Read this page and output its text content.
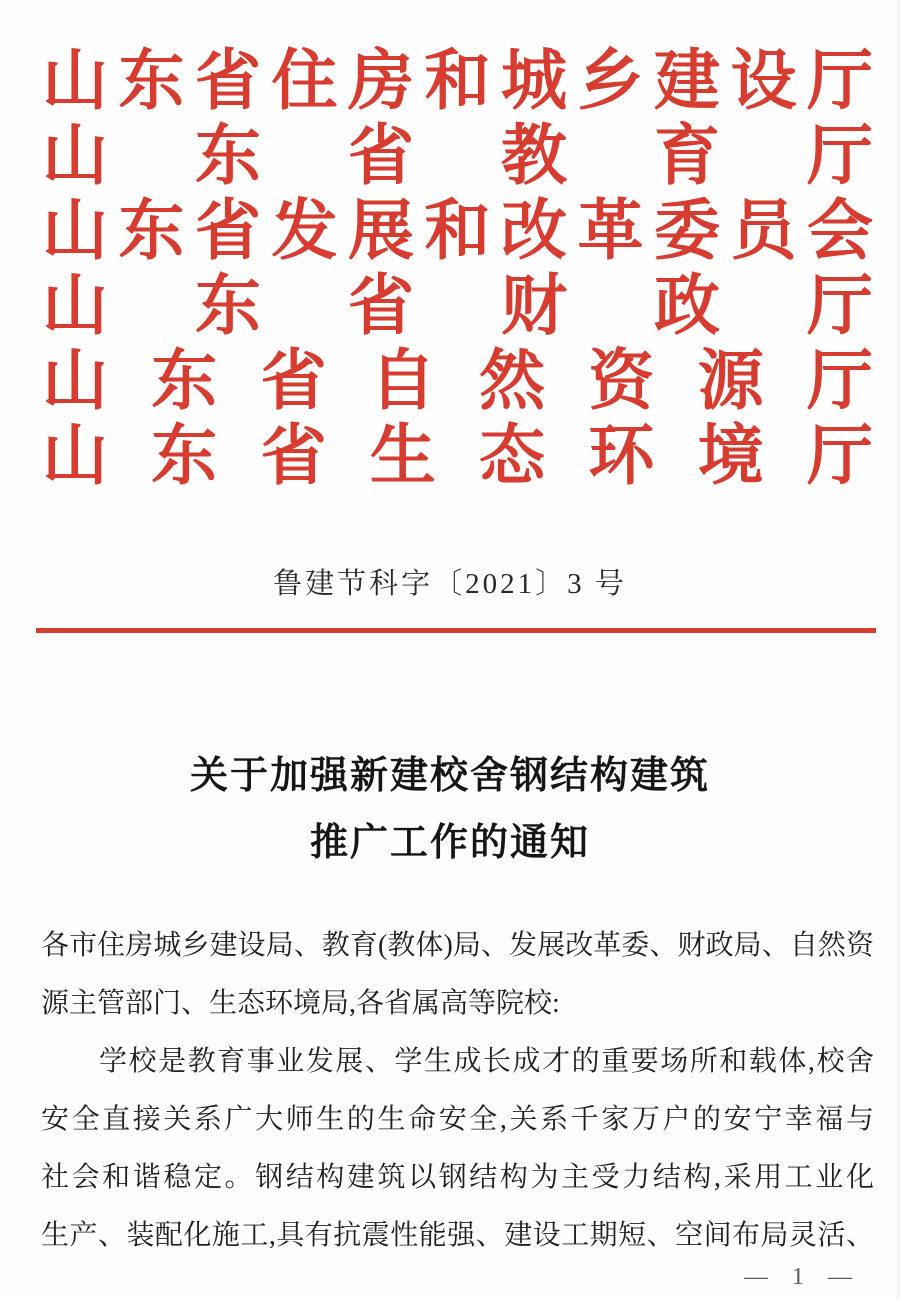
山 东 省 住 房 和 城 乡 建 设 厅
山 东 省 教 育 厅
山 东 省 发 展 和 改 革 委 员 会
山 东 省 财 政 厅
山 东 省 自 然 资 源 厅
山 东 省 生 态 环 境 厅
鲁建节科字〔2021〕3 号
关于加强新建校舍钢结构建筑
推广工作的通知
各市住房城乡建设局、教育(教体)局、发展改革委、财政局、自然资
源主管部门、生态环境局,各省属高等院校:
学校是教育事业发展、学生成长成才的重要场所和载体,校舍
安全直接关系广大师生的生命安全,关系千家万户的安宁幸福与
社会和谐稳定。钢结构建筑以钢结构为主受力结构,采用工业化
生产、装配化施工,具有抗震性能强、建设工期短、空间布局灵活、
— 1 —
